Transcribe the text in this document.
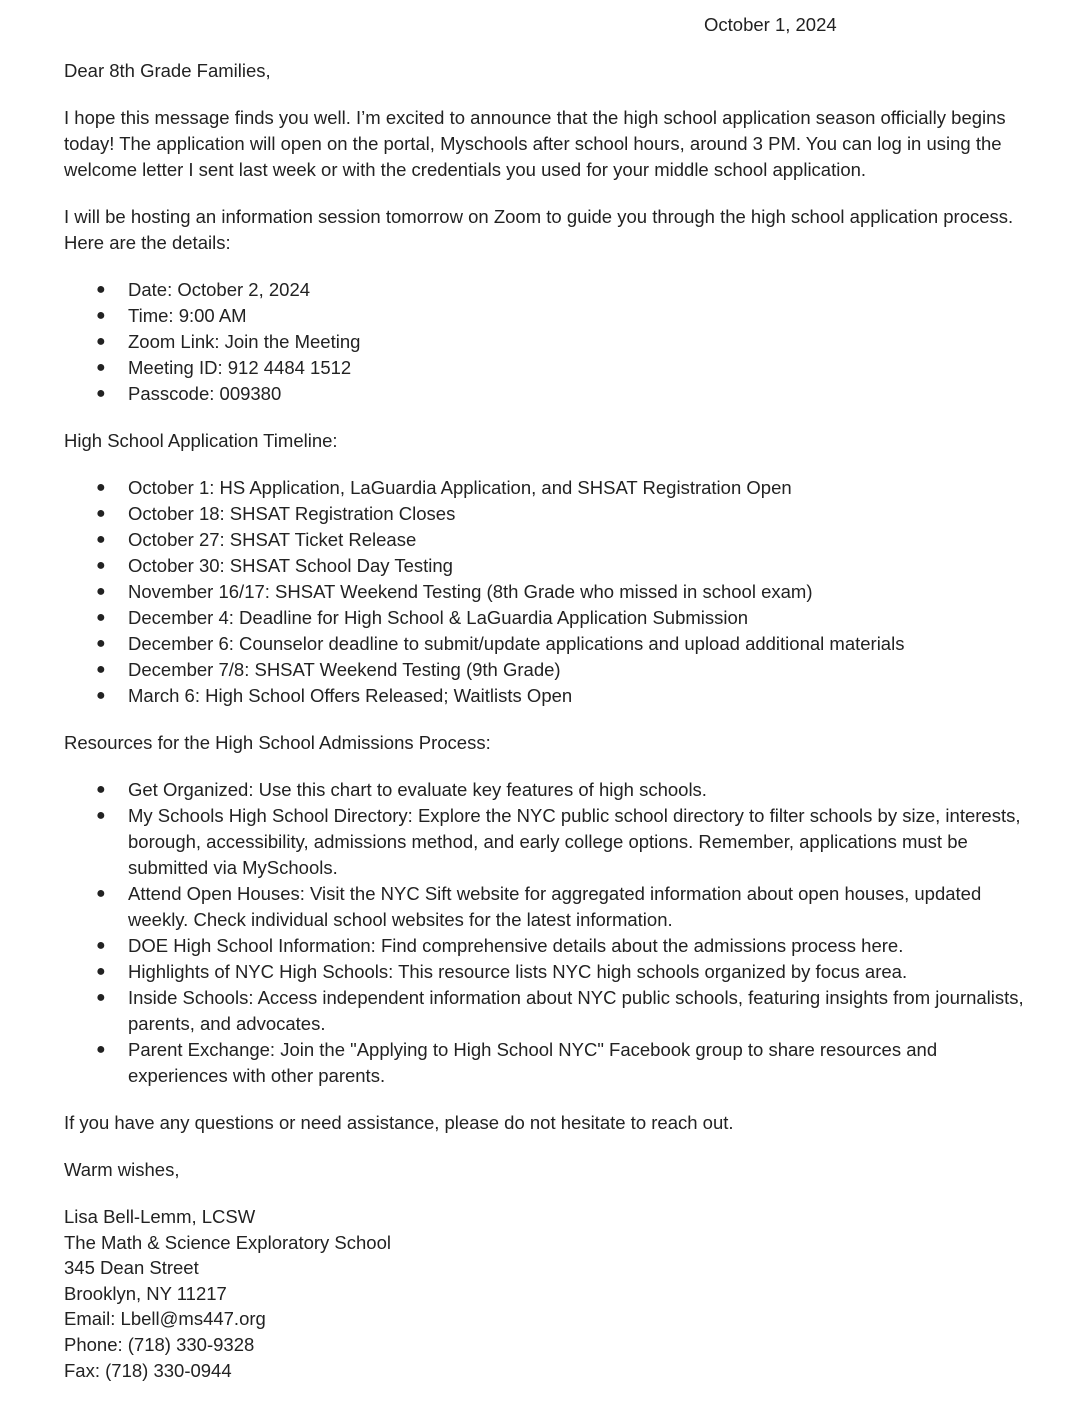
October 1, 2024

Dear 8th Grade Families,

I hope this message finds you well. I’m excited to announce that the high school application season officially begins today! The application will open on the portal, Myschools after school hours, around 3 PM. You can log in using the welcome letter I sent last week or with the credentials you used for your middle school application.

I will be hosting an information session tomorrow on Zoom to guide you through the high school application process. Here are the details:

● Date: October 2, 2024
● Time: 9:00 AM
● Zoom Link: Join the Meeting
● Meeting ID: 912 4484 1512
● Passcode: 009380

High School Application Timeline:

● October 1: HS Application, LaGuardia Application, and SHSAT Registration Open
● October 18: SHSAT Registration Closes
● October 27: SHSAT Ticket Release
● October 30: SHSAT School Day Testing
● November 16/17: SHSAT Weekend Testing (8th Grade who missed in school exam)
● December 4: Deadline for High School & LaGuardia Application Submission
● December 6: Counselor deadline to submit/update applications and upload additional materials
● December 7/8: SHSAT Weekend Testing (9th Grade)
● March 6: High School Offers Released; Waitlists Open

Resources for the High School Admissions Process:

● Get Organized: Use this chart to evaluate key features of high schools.
● My Schools High School Directory: Explore the NYC public school directory to filter schools by size, interests, borough, accessibility, admissions method, and early college options. Remember, applications must be submitted via MySchools.
● Attend Open Houses: Visit the NYC Sift website for aggregated information about open houses, updated weekly. Check individual school websites for the latest information.
● DOE High School Information: Find comprehensive details about the admissions process here.
● Highlights of NYC High Schools: This resource lists NYC high schools organized by focus area.
● Inside Schools: Access independent information about NYC public schools, featuring insights from journalists, parents, and advocates.
● Parent Exchange: Join the "Applying to High School NYC" Facebook group to share resources and experiences with other parents.

If you have any questions or need assistance, please do not hesitate to reach out.

Warm wishes,

Lisa Bell-Lemm, LCSW
The Math & Science Exploratory School
345 Dean Street
Brooklyn, NY 11217
Email: Lbell@ms447.org
Phone: (718) 330-9328
Fax: (718) 330-0944
